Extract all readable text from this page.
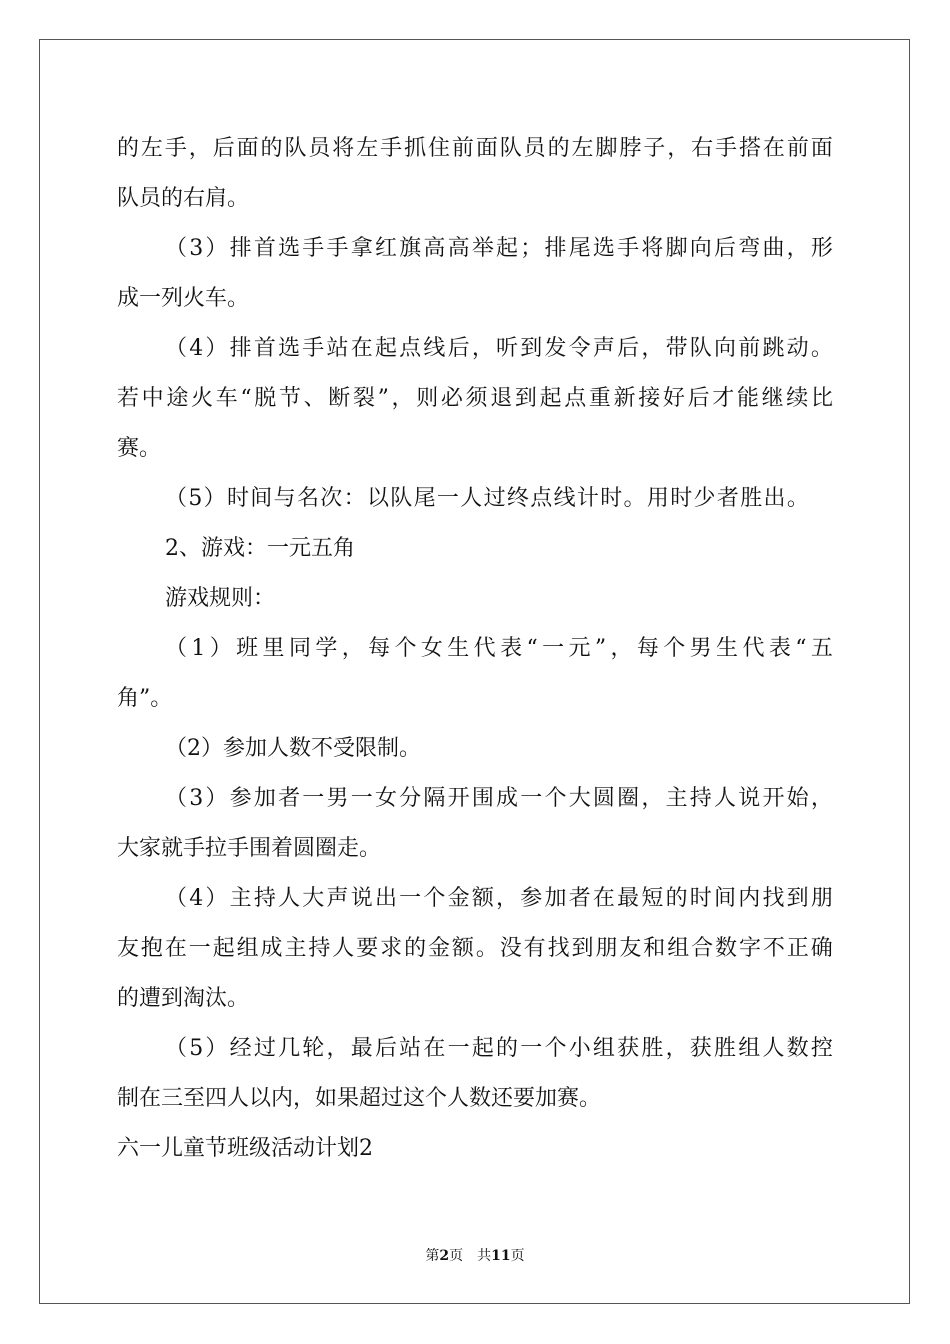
的 左 手 ， 后 面 的 队 员 将 左 手 抓 住 前 面 队 员 的 左 脚 脖 子 ， 右 手 搭 在 前 面
队员的右肩。
（ 3 ） 排 首 选 手 手 拿 红 旗 高 高 举 起 ； 排 尾 选 手 将 脚 向 后 弯 曲 ， 形
成一列火车。
（ 4 ） 排 首 选 手 站 在 起 点 线 后 ， 听 到 发 令 声 后 ， 带 队 向 前 跳 动 。
若 中 途 火 车 “ 脱 节 、 断 裂 ” ， 则 必 须 退 到 起 点 重 新 接 好 后 才 能 继 续 比
赛。
（ 5 ） 时 间 与 名 次 ： 以 队 尾 一 人 过 终 点 线 计 时 。 用 时 少 者 胜 出 。
2、游戏：一元五角
游戏规则：
（ 1 ） 班 里 同 学 ， 每 个 女 生 代 表 “ 一 元 ” ， 每 个 男 生 代 表 “ 五
角”。
（2）参加人数不受限制。
（ 3 ） 参 加 者 一 男 一 女 分 隔 开 围 成 一 个 大 圆 圈 ， 主 持 人 说 开 始 ，
大家就手拉手围着圆圈走。
（ 4 ） 主 持 人 大 声 说 出 一 个 金 额 ， 参 加 者 在 最 短 的 时 间 内 找 到 朋
友 抱 在 一 起 组 成 主 持 人 要 求 的 金 额 。 没 有 找 到 朋 友 和 组 合 数 字 不 正 确
的遭到淘汰。
（ 5 ） 经 过 几 轮 ， 最 后 站 在 一 起 的 一 个 小 组 获 胜 ， 获 胜 组 人 数 控
制在三至四人以内，如果超过这个人数还要加赛。
六一儿童节班级活动计划2
第2页　共11页
